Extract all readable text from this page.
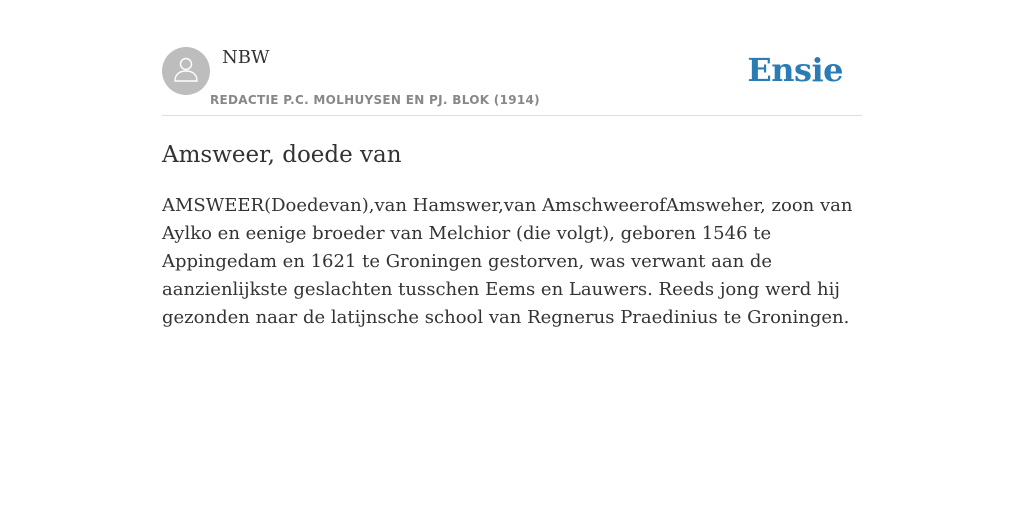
NBW
REDACTIE P.C. MOLHUYSEN EN PJ. BLOK (1914)
Ensie
Amsweer, doede van

AMSWEER(Doedevan),van Hamswer,van AmschweerofAmsweher, zoon van Aylko en eenige broeder van Melchior (die volgt), geboren 1546 te Appingedam en 1621 te Groningen gestorven, was verwant aan de aanzienlijkste geslachten tusschen Eems en Lauwers. Reeds jong werd hij gezonden naar de latijnsche school van Regnerus Praedinius te Groningen.
